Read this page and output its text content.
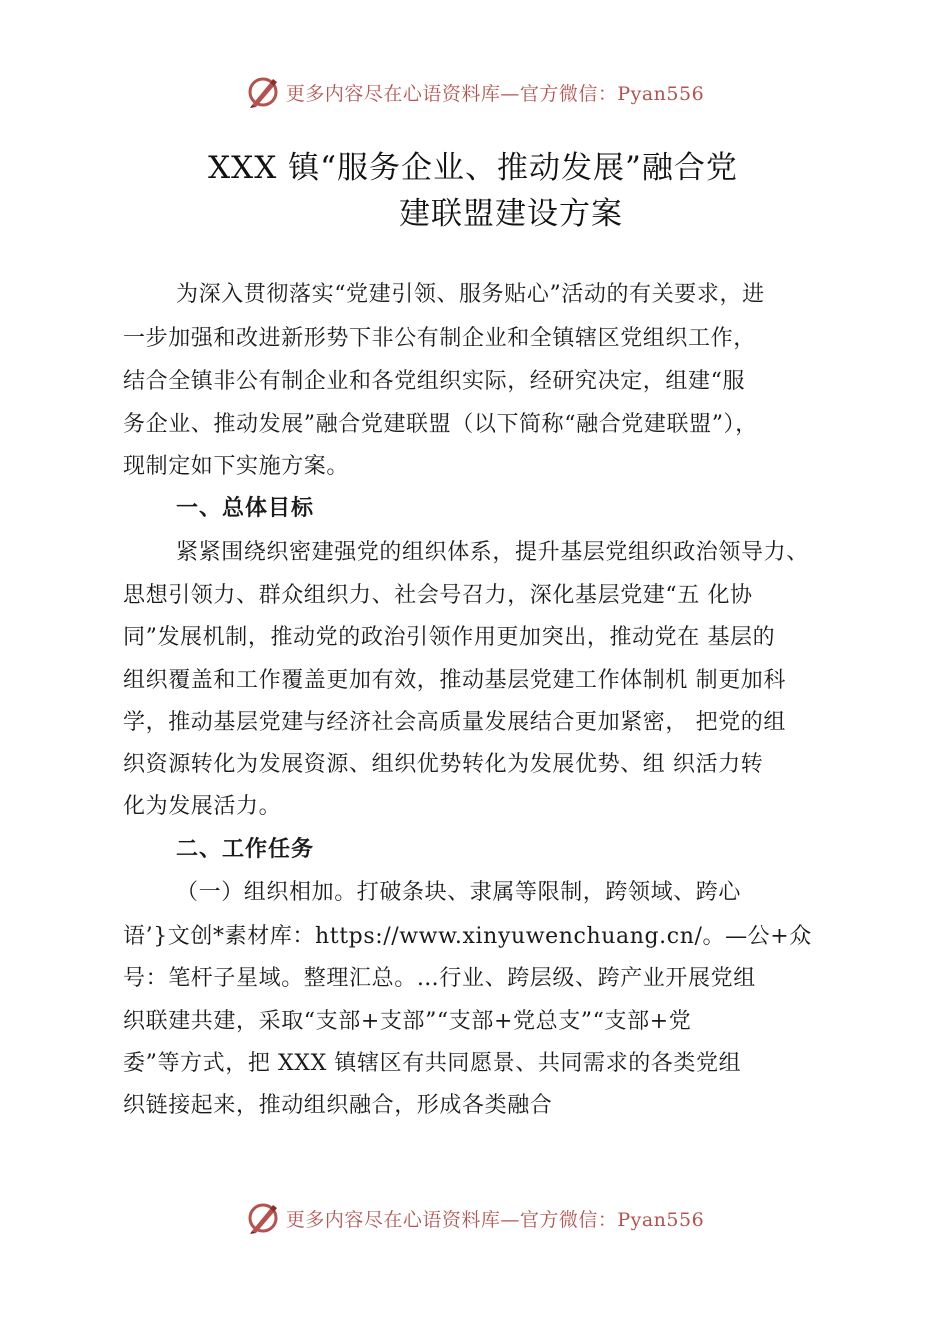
更多内容尽在心语资料库—官方微信：Pyan556
XXX 镇“服务企业、推动发展”融合党
建联盟建设方案
为深入贯彻落实“党建引领、服务贴心”活动的有关要求，进
一步加强和改进新形势下非公有制企业和全镇辖区党组织工作，
结合全镇非公有制企业和各党组织实际，经研究决定，组建“服
务企业、推动发展”融合党建联盟（以下简称“融合党建联盟”），
现制定如下实施方案。
一、总体目标
紧紧围绕织密建强党的组织体系，提升基层党组织政治领导力、
思想引领力、群众组织力、社会号召力，深化基层党建“五 化协
同”发展机制，推动党的政治引领作用更加突出，推动党在 基层的
组织覆盖和工作覆盖更加有效，推动基层党建工作体制机 制更加科
学，推动基层党建与经济社会高质量发展结合更加紧密， 把党的组
织资源转化为发展资源、组织优势转化为发展优势、组 织活力转
化为发展活力。
二、工作任务
（一）组织相加。打破条块、隶属等限制，跨领域、跨心
语’}文创*素材库：https://www.xinyuwenchuang.cn/。—公+众
号：笔杆子星域。整理汇总。…行业、跨层级、跨产业开展党组
织联建共建，采取“支部+支部”“支部+党总支”“支部+党
委”等方式，把 XXX 镇辖区有共同愿景、共同需求的各类党组
织链接起来，推动组织融合，形成各类融合
更多内容尽在心语资料库—官方微信：Pyan556
